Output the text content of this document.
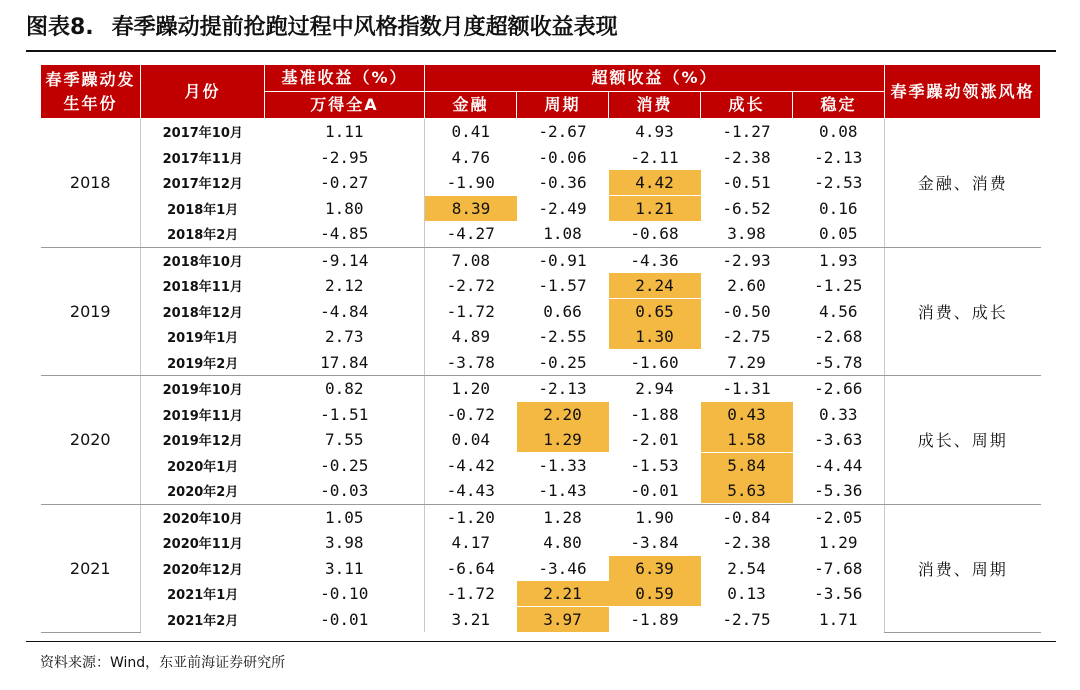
图表8. 春季躁动提前抢跑过程中风格指数月度超额收益表现
春季躁动发生年份	月份	基准收益（%）	超额收益（%）					春季躁动领涨风格
		万得全A	金融	周期	消费	成长	稳定	
2018	2017年10月	1.11	0.41	-2.67	4.93	-1.27	0.08	金融、消费
	2017年11月	-2.95	4.76	-0.06	-2.11	-2.38	-2.13	
	2017年12月	-0.27	-1.90	-0.36	4.42	-0.51	-2.53	
	2018年1月	1.80	8.39	-2.49	1.21	-6.52	0.16	
	2018年2月	-4.85	-4.27	1.08	-0.68	3.98	0.05	
2019	2018年10月	-9.14	7.08	-0.91	-4.36	-2.93	1.93	消费、成长
	2018年11月	2.12	-2.72	-1.57	2.24	2.60	-1.25	
	2018年12月	-4.84	-1.72	0.66	0.65	-0.50	4.56	
	2019年1月	2.73	4.89	-2.55	1.30	-2.75	-2.68	
	2019年2月	17.84	-3.78	-0.25	-1.60	7.29	-5.78	
2020	2019年10月	0.82	1.20	-2.13	2.94	-1.31	-2.66	成长、周期
	2019年11月	-1.51	-0.72	2.20	-1.88	0.43	0.33	
	2019年12月	7.55	0.04	1.29	-2.01	1.58	-3.63	
	2020年1月	-0.25	-4.42	-1.33	-1.53	5.84	-4.44	
	2020年2月	-0.03	-4.43	-1.43	-0.01	5.63	-5.36	
2021	2020年10月	1.05	-1.20	1.28	1.90	-0.84	-2.05	消费、周期
	2020年11月	3.98	4.17	4.80	-3.84	-2.38	1.29	
	2020年12月	3.11	-6.64	-3.46	6.39	2.54	-7.68	
	2021年1月	-0.10	-1.72	2.21	0.59	0.13	-3.56	
	2021年2月	-0.01	3.21	3.97	-1.89	-2.75	1.71	
资料来源：Wind，东亚前海证券研究所
